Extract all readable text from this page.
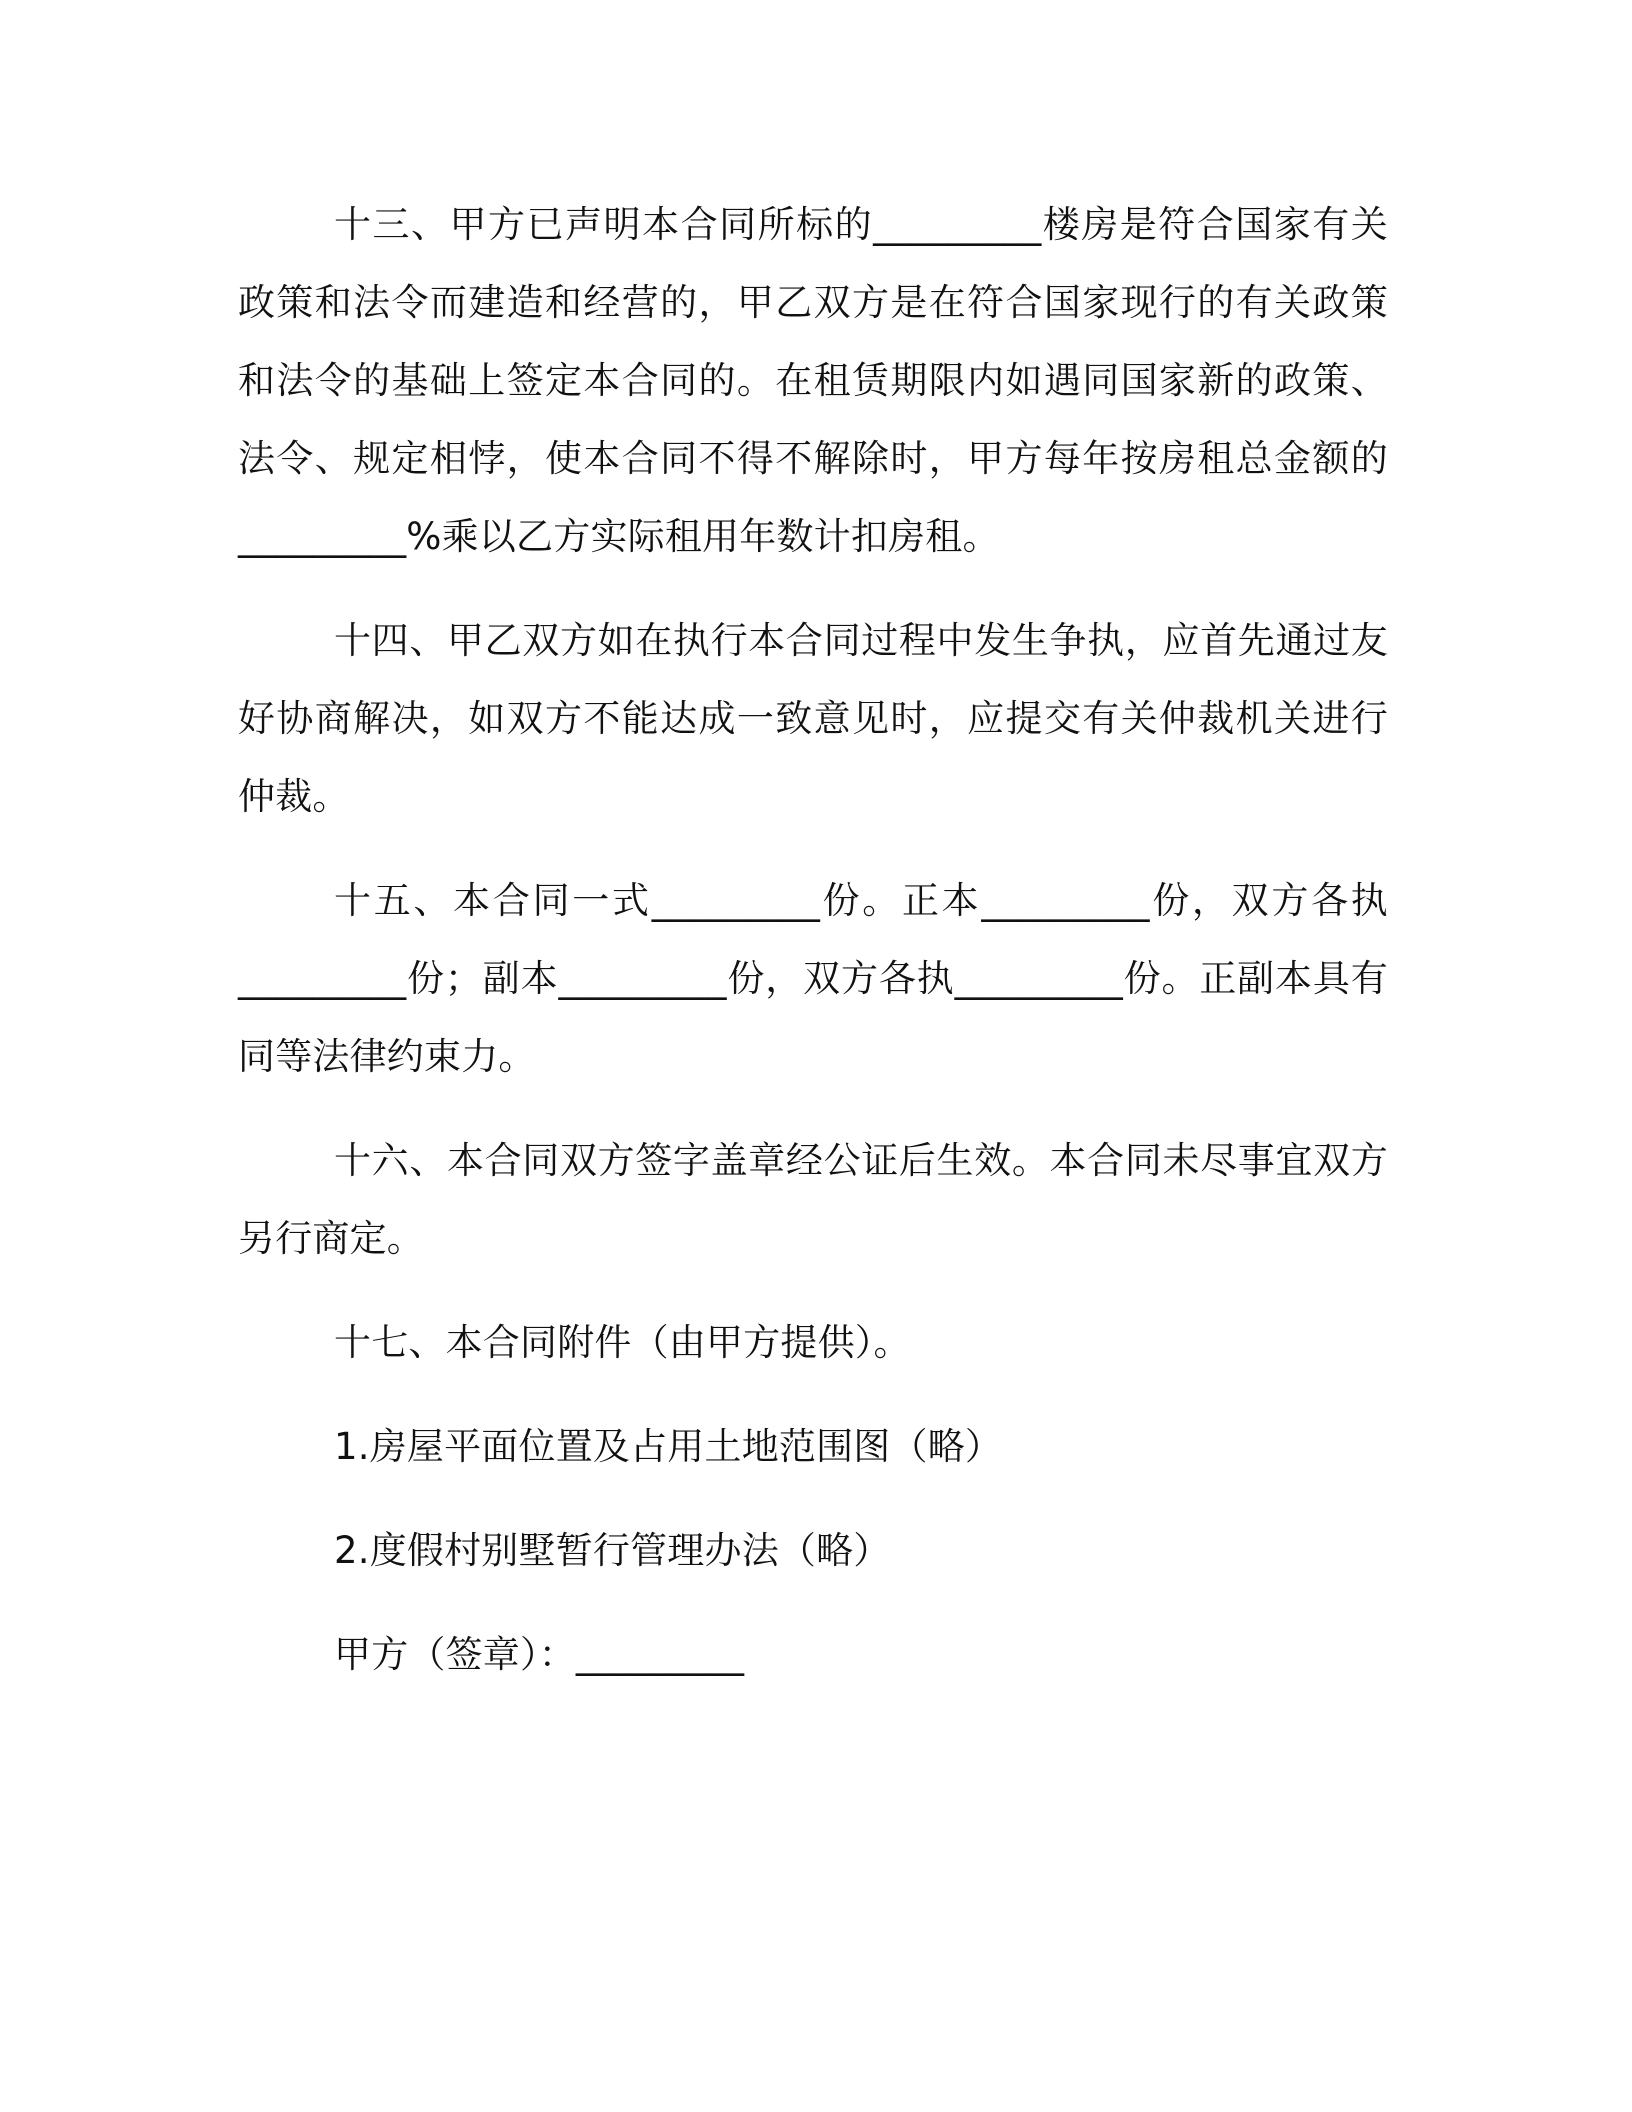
十三、甲方已声明本合同所标的_________楼房是符合国家有关政策和法令而建造和经营的，甲乙双方是在符合国家现行的有关政策和法令的基础上签定本合同的。在租赁期限内如遇同国家新的政策、法令、规定相悖，使本合同不得不解除时，甲方每年按房租总金额的_________%乘以乙方实际租用年数计扣房租。

十四、甲乙双方如在执行本合同过程中发生争执，应首先通过友好协商解决，如双方不能达成一致意见时，应提交有关仲裁机关进行仲裁。

十五、本合同一式_________份。正本_________份，双方各执_________份；副本_________份，双方各执_________份。正副本具有同等法律约束力。

十六、本合同双方签字盖章经公证后生效。本合同未尽事宜双方另行商定。

十七、本合同附件（由甲方提供）。

1.房屋平面位置及占用土地范围图（略）

2.度假村别墅暂行管理办法（略）

甲方（签章）：_________
